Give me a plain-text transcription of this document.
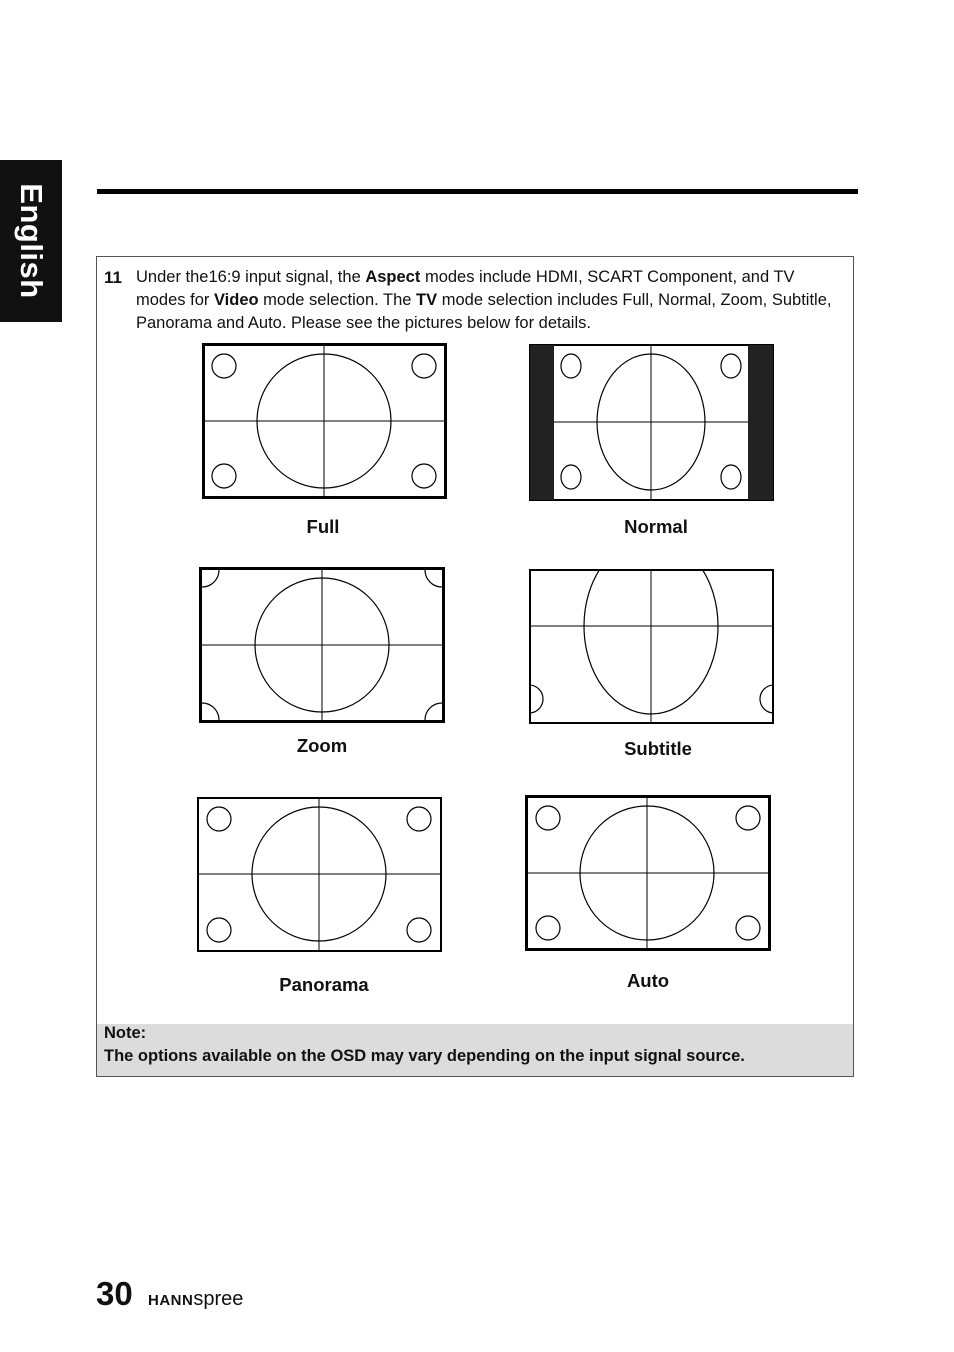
English	11 Under the16:9 input signal, the Aspect modes include HDMI, SCART Component, and TV modes for Video mode selection. The TV mode selection includes Full, Normal, Zoom, Subtitle, Panorama and Auto. Please see the pictures below for details.
Full	Normal
Zoom	Subtitle
Panorama	Auto
Note:
The options available on the OSD may vary depending on the input signal source.
30 HANNspree
